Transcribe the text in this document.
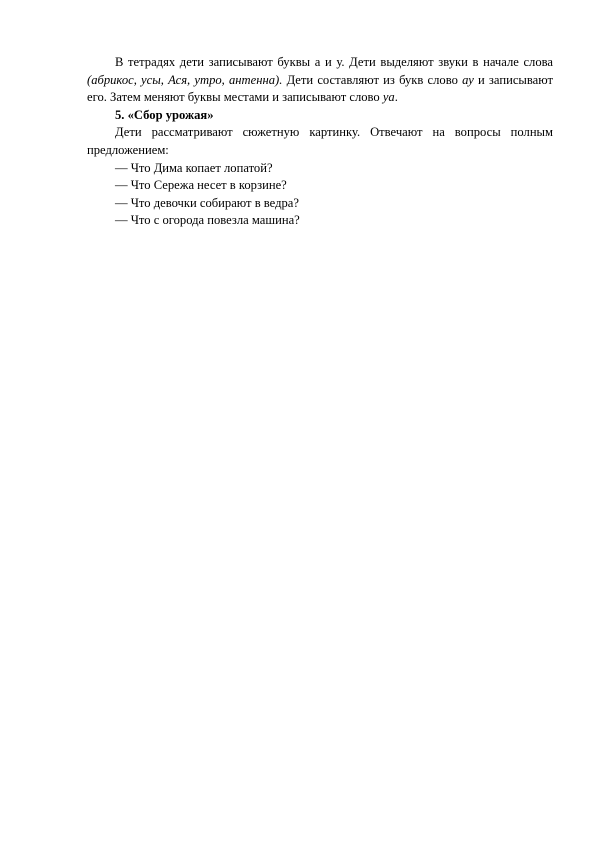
В тетрадях дети записывают буквы а и у. Дети выделяют звуки в начале слова (абрикос, усы, Ася, утро, антенна). Дети составляют из букв слово ау и записывают его. Затем меняют буквы местами и записывают слово уа.

5. «Сбор урожая»

Дети рассматривают сюжетную картинку. Отвечают на вопросы полным предложением:

— Что Дима копает лопатой?

— Что Сережа несет в корзине?

— Что девочки собирают в ведра?

— Что с огорода повезла машина?
